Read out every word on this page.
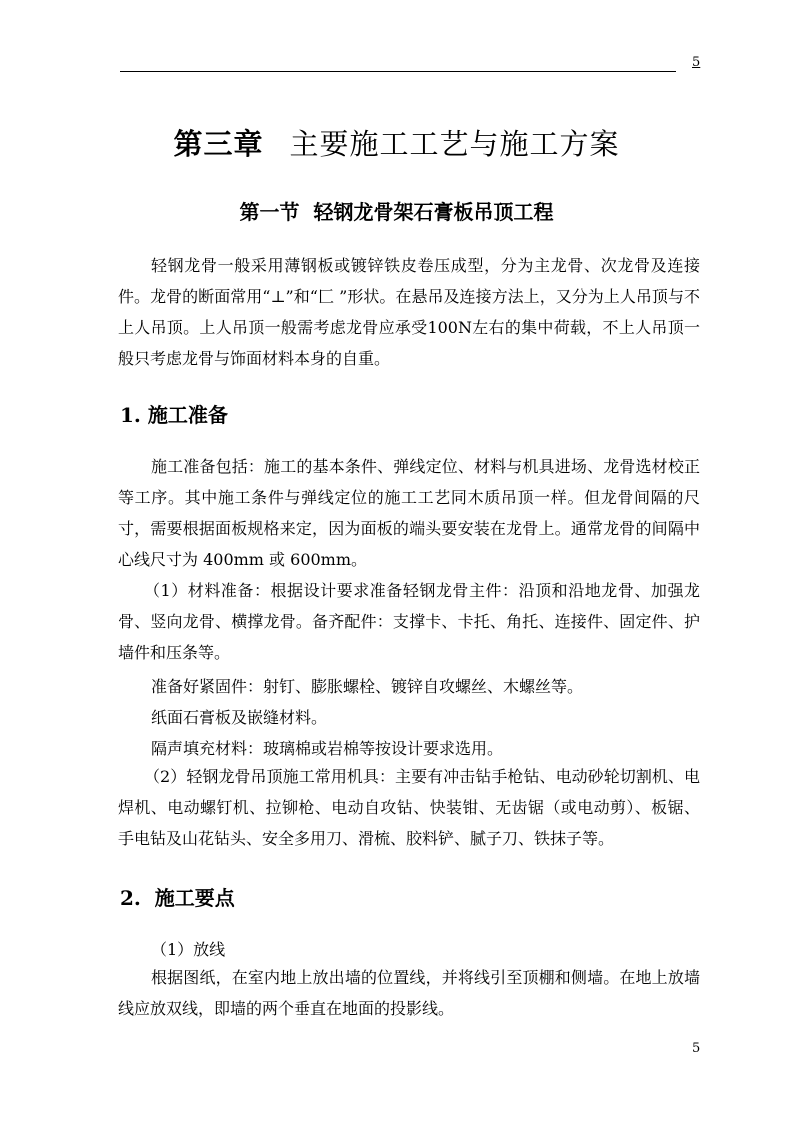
5
第三章 主要施工工艺与施工方案
第一节  轻钢龙骨架石膏板吊顶工程
轻钢龙骨一般采用薄钢板或镀锌铁皮卷压成型，分为主龙骨、次龙骨及连接件。龙骨的断面常用“⊥”和“匚 ”形状。在悬吊及连接方法上，又分为上人吊顶与不上人吊顶。上人吊顶一般需考虑龙骨应承受100N左右的集中荷载，不上人吊顶一般只考虑龙骨与饰面材料本身的自重。
1. 施工准备
施工准备包括：施工的基本条件、弹线定位、材料与机具进场、龙骨选材校正等工序。其中施工条件与弹线定位的施工工艺同木质吊顶一样。但龙骨间隔的尺寸，需要根据面板规格来定，因为面板的端头要安装在龙骨上。通常龙骨的间隔中心线尺寸为 400mm 或 600mm。
（1）材料准备：根据设计要求准备轻钢龙骨主件：沿顶和沿地龙骨、加强龙骨、竖向龙骨、横撑龙骨。备齐配件：支撑卡、卡托、角托、连接件、固定件、护墙件和压条等。
准备好紧固件：射钉、膨胀螺栓、镀锌自攻螺丝、木螺丝等。
纸面石膏板及嵌缝材料。
隔声填充材料：玻璃棉或岩棉等按设计要求选用。
（2）轻钢龙骨吊顶施工常用机具：主要有冲击钻手枪钻、电动砂轮切割机、电焊机、电动螺钉机、拉铆枪、电动自攻钻、快装钳、无齿锯（或电动剪）、板锯、手电钻及山花钻头、安全多用刀、滑梳、胶料铲、腻子刀、铁抹子等。
2.  施工要点
（1）放线
根据图纸，在室内地上放出墙的位置线，并将线引至顶棚和侧墙。在地上放墙线应放双线，即墙的两个垂直在地面的投影线。
5
